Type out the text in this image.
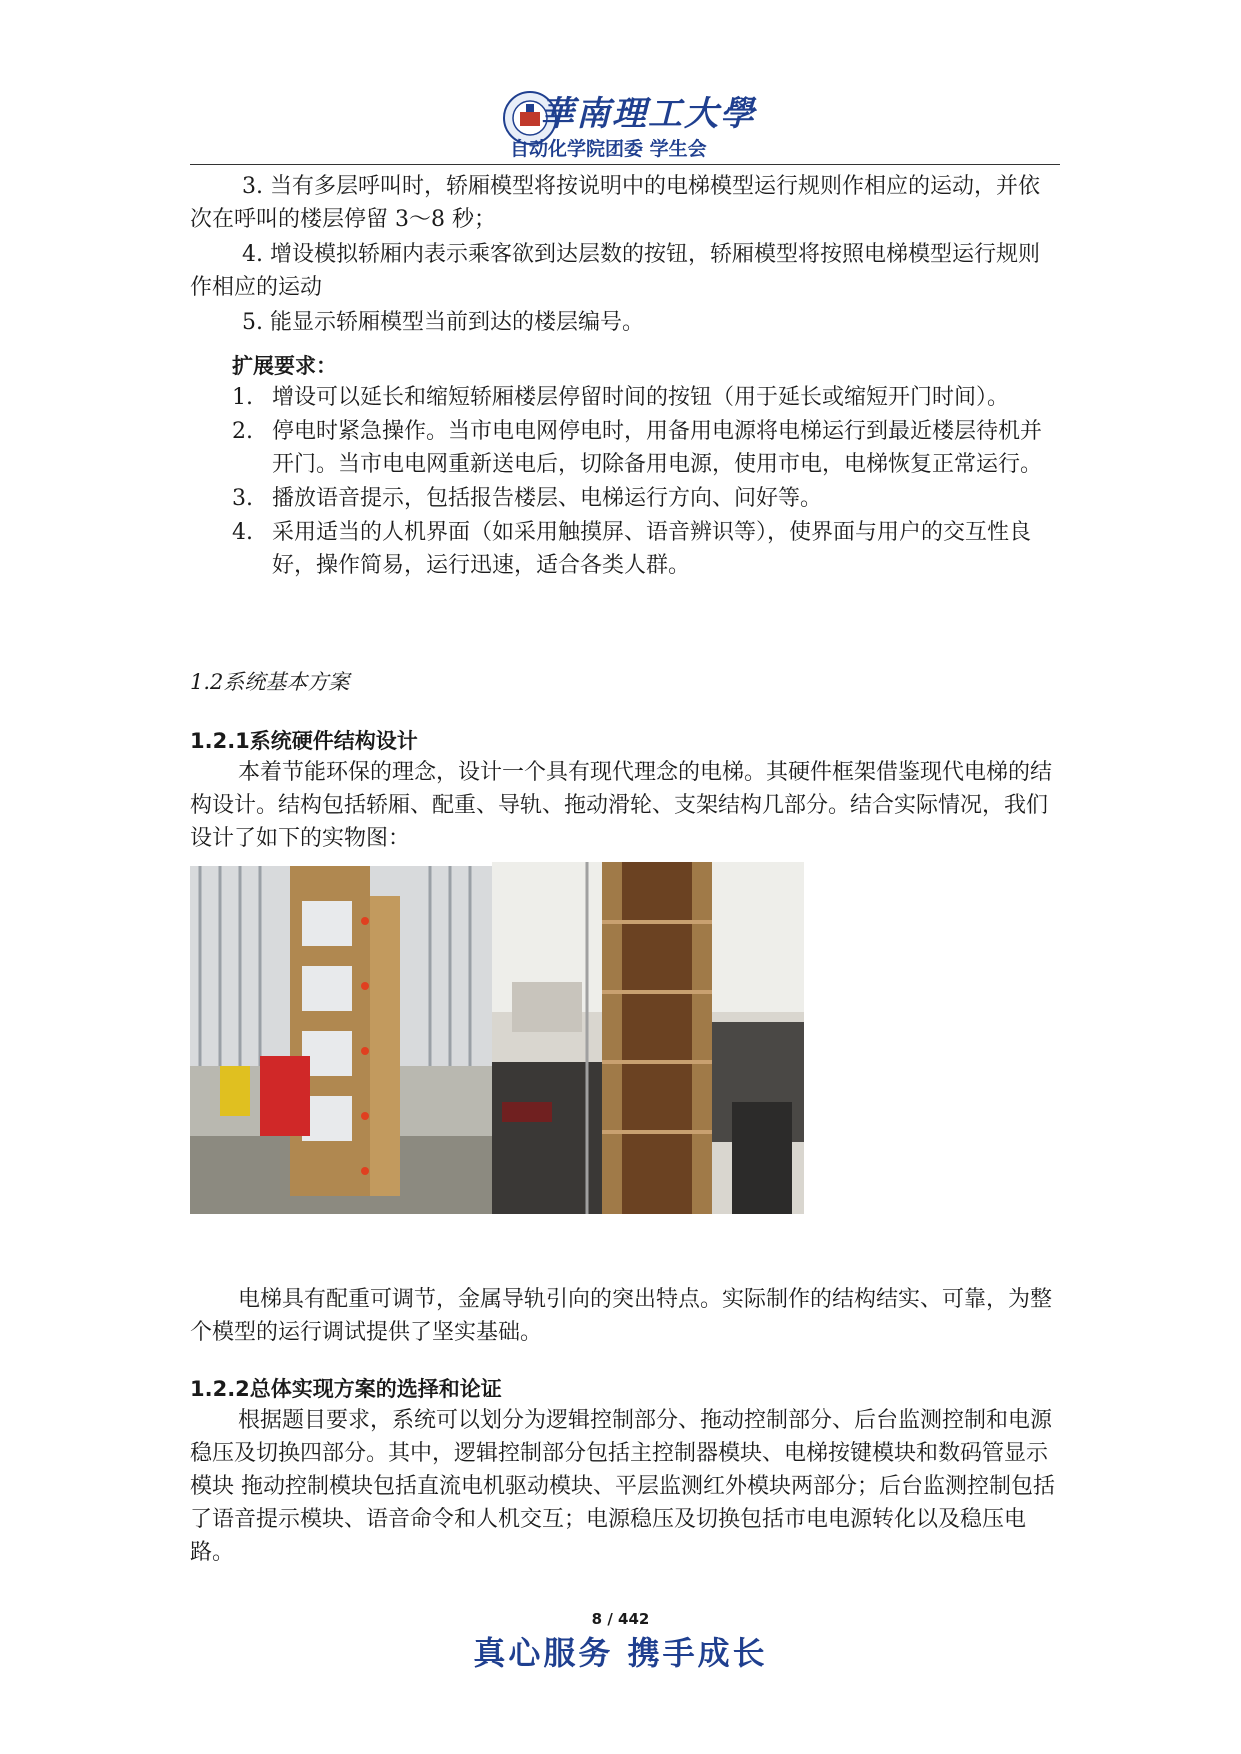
華南理工大學
自动化学院团委 学生会
3. 当有多层呼叫时，轿厢模型将按说明中的电梯模型运行规则作相应的运动，并依次在呼叫的楼层停留 3～8 秒；
4. 增设模拟轿厢内表示乘客欲到达层数的按钮，轿厢模型将按照电梯模型运行规则作相应的运动
5. 能显示轿厢模型当前到达的楼层编号。
扩展要求：
1. 增设可以延长和缩短轿厢楼层停留时间的按钮（用于延长或缩短开门时间）。
2. 停电时紧急操作。当市电电网停电时，用备用电源将电梯运行到最近楼层待机并开门。当市电电网重新送电后，切除备用电源，使用市电，电梯恢复正常运行。
3. 播放语音提示，包括报告楼层、电梯运行方向、问好等。
4. 采用适当的人机界面（如采用触摸屏、语音辨识等），使界面与用户的交互性良好，操作简易，运行迅速，适合各类人群。
1.2系统基本方案
1.2.1系统硬件结构设计
本着节能环保的理念，设计一个具有现代理念的电梯。其硬件框架借鉴现代电梯的结构设计。结构包括轿厢、配重、导轨、拖动滑轮、支架结构几部分。结合实际情况，我们设计了如下的实物图：
电梯具有配重可调节，金属导轨引向的突出特点。实际制作的结构结实、可靠，为整个模型的运行调试提供了坚实基础。
1.2.2总体实现方案的选择和论证
根据题目要求，系统可以划分为逻辑控制部分、拖动控制部分、后台监测控制和电源稳压及切换四部分。其中，逻辑控制部分包括主控制器模块、电梯按键模块和数码管显示模块 拖动控制模块包括直流电机驱动模块、平层监测红外模块两部分；后台监测控制包括了语音提示模块、语音命令和人机交互；电源稳压及切换包括市电电源转化以及稳压电路。
8 / 442
真心服务 携手成长
